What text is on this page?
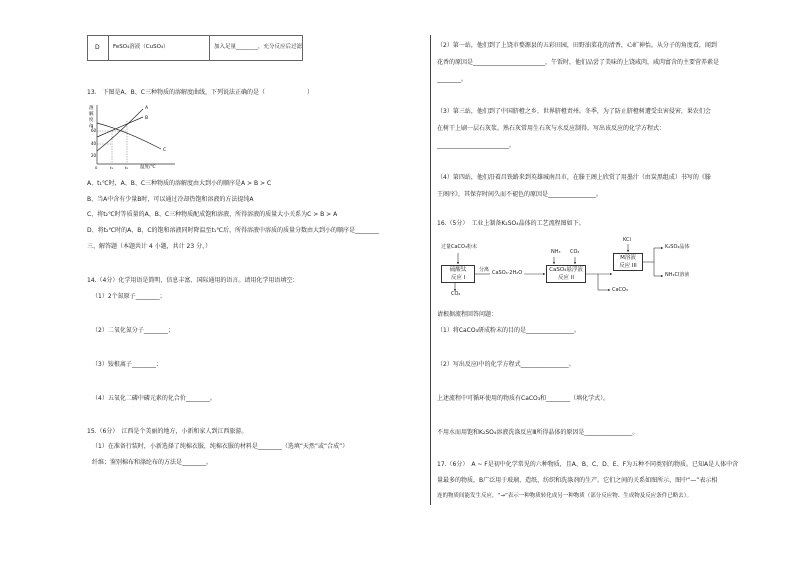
D FeSO₄溶液（CuSO₄）	加入足量________，充分反应后过滤
13.　下图是A、B、C三种物质的溶解度曲线，下列说法正确的是（　　　　　　　）
溶
解
度
/g
60
40
20
A
B
C
0	t₁	t₂	温度/℃
A、t₁℃时，A、B、C三种物质的溶解度由大到小的顺序是A > B > C
B、当A中含有少量B时，可以通过冷却热饱和溶液的方法提纯A
C、将t₂℃时等质量的A、B、C三种物质配成饱和溶液，所得溶液的质量大小关系为C > B > A
D、将t₂℃时的A、B、C的饱和溶液同时降温至t₁℃后，所得溶液中溶质的质量分数由大到小的顺序是________
三、解答题（本题共计 4 小题，共计 23 分，）
14.（4分）化学用语是简明、信息丰富、国际通用的语言。请用化学用语填空：
（1）2个氮原子________；
（2）二氧化氮分子________；
（3）铵根离子________；
（4）五氧化二磷中磷元素的化合价________。
15.（6分）　江西是个美丽的地方，小新和家人到江西旅游。
（1）在准备行装时，小新选择了纯棉衣服，纯棉衣服的材料是________（选填“天然”或“合成”）
纤维；鉴别棉布和涤纶布的方法是________。
（2）第一站，他们到了上饶市婺源县的五彩田园，田野油菜花的清香，心旷神怡。从分子的角度看，闻到
花香的原因是________________________，午饭时，他们品尝了美味的上饶咸肉，咸肉富含的主要营养素是
________。
（3）第三站，他们到了中国脐橙之乡、世界脐橙责州。冬季，为了防止脐橙树遭受虫害侵害，果农们会
在树干上刷一层石灰浆。熟石灰常用生石灰与水反应制得，写出该反应的化学方程式：
________________________。
（4）第四站，他们沿着昌铁路来到英雄城南昌市，在滕王阁上欣赏了用墨汁（由炭黑组成）书写的《滕
王阁序》，其保存时间久而不褪色的原因是________________。
16.（5分）　工业上制备K₂SO₄晶体的工艺流程图如下。
过量CaCO₃粉末
硫酸钛
反应 I
CO₂
分离 CaSO₄·2H₂O
NH₃ CO₂
CaSO₄悬浮液
反应 II
CaCO₃
KCl
M溶液
反应 III
K₂SO₄晶体
NH₄Cl溶液
请根据流程回答问题：
（1）将CaCO₃研成粉末的目的是________________。
（2）写出反应Ⅰ中的化学方程式________________。
上述流程中可循环使用的物质有CaCO₃和________（填化学式）。
不用水而用饱和K₂SO₄溶液洗涤反应Ⅲ所得晶体的原因是________________。
17.（6分）　A ~ F是初中化学常见的六种物质，且A、B、C、D、E、F为五种不同类别的物质。已知A是人体中含
量最多的物质，B广泛用于玻璃、造纸、纺织和洗涤剂的生产。它们之间的关系如图所示，图中“—”表示相
连的物质间能发生反应，“→”表示一种物质转化成另一种物质（部分反应物、生成物及反应条件已略去）。
